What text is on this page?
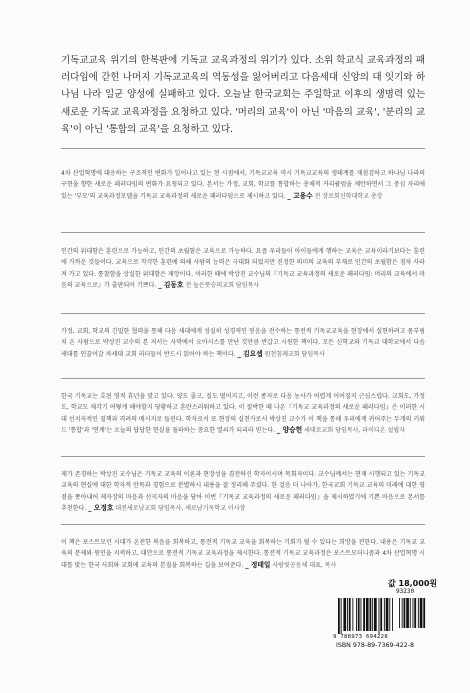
기독교교육 위기의 한복판에 기독교 교육과정의 위기가 있다. 소위 학교식 교육과정의 패러다임에 갇힌 나머지 기독교교육의 역동성을 잃어버리고 다음세대 신앙의 대 잇기와 하나님 나라 일군 양성에 실패하고 있다. 오늘날 한국교회는 주일학교 이후의 생명력 있는 새로운 기독교 교육과정을 요청하고 있다. '머리의 교육'이 아닌 '마음의 교육', '분리의 교육'이 아닌 '통합의 교육'을 요청하고 있다.

4차 산업혁명에 대응하는 구조적인 변화가 일어나고 있는 현 시점에서, 기독교교육 역시 기독교교육의 생태계를 재점검하고 하나님 나라의 구현을 향한 새로운 패러다임의 변화가 요청되고 있다. 본서는 가정, 교회, 학교를 통합하는 총체적 커리큘럼을 제안하면서 그 중심 자리에 있는 '부모'의 교육과정모델을 기독교 교육과정의 새로운 패러다임으로 제시하고 있다. _ 고용수 전 장로회신학대학교 총장

인간의 위대함은 훈련으로 가능하고, 인간의 초월함은 교육으로 가능하다. 요즘 우리들이 아이들에게 행하는 교육은 교육이라기보다는 훈련에 가까운 것들이다. 교육으로 작각한 훈련에 의해 사람의 능력은 극대화 되었지만 진정한 의미의 교육의 부재로 인간의 초월함은 점차 사라져 가고 있다. 통찰함을 상실한 위대함은 재앙이다. 이러한 때에 박상진 교수님의『기독교 교육과정의 새로운 패러다임: 머리의 교육에서 마음의 교육으로』가 출판되어 기쁘다. _ 김동호 전 높은뜻숭의교회 담임목사

가정, 교회, 학교의 긴밀한 협력을 통해 다음 세대에게 성실히 성경적인 믿음을 전수하는 통전적 기독교교육을 현장에서 실현하려고 몸부림치 온 사람으로 박상진 교수의 본 저서는 사막에서 오아시스를 만난 것만큼 반갑고 시원한 책이다. 모든 신학교와 기독교 대학교에서 다음 세대를 인끌어갈 차세대 교회 리더들이 반드시 읽어야 하는 책이다. _ 김요셉 원천침례교회 담임목사

한국 기독교는 호된 영적 휴년을 맞고 있다. 양도 줄고, 질도 떨어지고, 이런 종자로 다음 농사가 어렵게 이어질지 근심스럽다. 교회도, 가정도, 학교도 제각기 어떻게 해야할지 당황하고 혼란스러워하고 있다. 이 절박한 때 나온『기독교 교육과정의 새로운 패러다임』은 이러한 시대 선지자적인 질책과 격려의 메시지로 들린다. 학자로서 또 현장의 실천가로서 박상진 교수가 이 책을 통해 우리에게 귀어주는 두개의 키워드 '통합'과 '연계'는 오늘의 답답한 현실을 돌파하는 중요한 열쇠가 되리라 믿는다. _ 양승헌 세대로교회 담임목사, 파이디온 설립자

제가 존경하는 박상진 교수님은 기독교 교육의 이론과 현장성을 겸전하신 학자이시며 목회자이다. 교수님께서는 현재 시행되고 있는 기독교 교육의 현실에 대한 학자적 안목과 경험으로 분별하시 내용을 잘 정리해 주셨다. 한 걸음 더 나아가, 한국교회 기독교 교육의 미래에 대한 영점을 쫑아내어 제자장의 마음과 선지자의 마음을 담아 이번『기독교 교육과정의 새로운 패러다임』을 제시하였기에 기쁜 마음으로 본서를 추천한다. _ 오정호 대전새로남교회 담임목사, 새로남기독학교 이사장

이 책은 포스트모던 시대가 온전한 복음을 회복하고, 통전적 기독교 교육을 회복하는 기회가 될 수 있다는 희망을 전한다. 내용은 기독교 교육의 문제와 원인을 지적하고, 대안으로 통전적 기독교 교육과정을 제시한다. 통전적 기독교 교육과정은 포스트모더니즘과 4차 산업혁명 시대를 맞는 한국 사회와 교회에 교육의 본질을 회복하는 길을 보여준다. _ 정태일 사람빛공동체 대표, 목사

값 18,000원
93230
9 788973 694228
ISBN 978-89-7369-422-8
